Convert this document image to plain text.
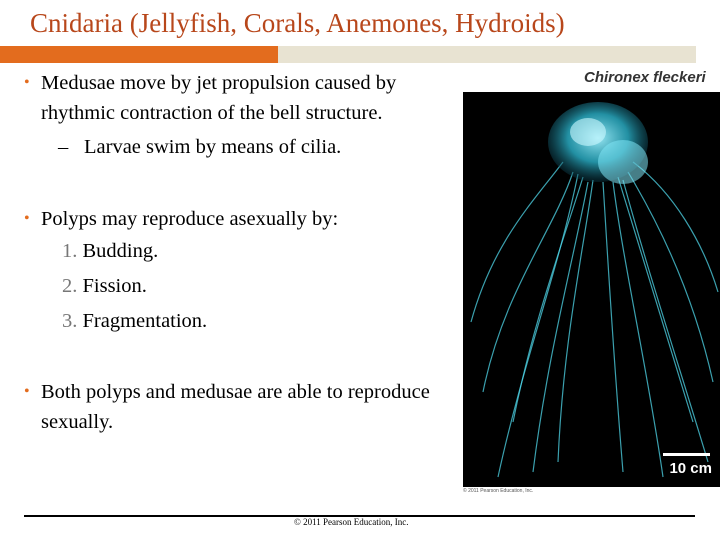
Cnidaria (Jellyfish, Corals, Anemones, Hydroids)
• Medusae move by jet propulsion caused by rhythmic contraction of the bell structure.
– Larvae swim by means of cilia.
• Polyps may reproduce asexually by:
1. Budding.
2. Fission.
3. Fragmentation.
• Both polyps and medusae are able to reproduce sexually.
Chironex fleckeri
10 cm
© 2011 Pearson Education, Inc.
© 2011 Pearson Education, Inc.
